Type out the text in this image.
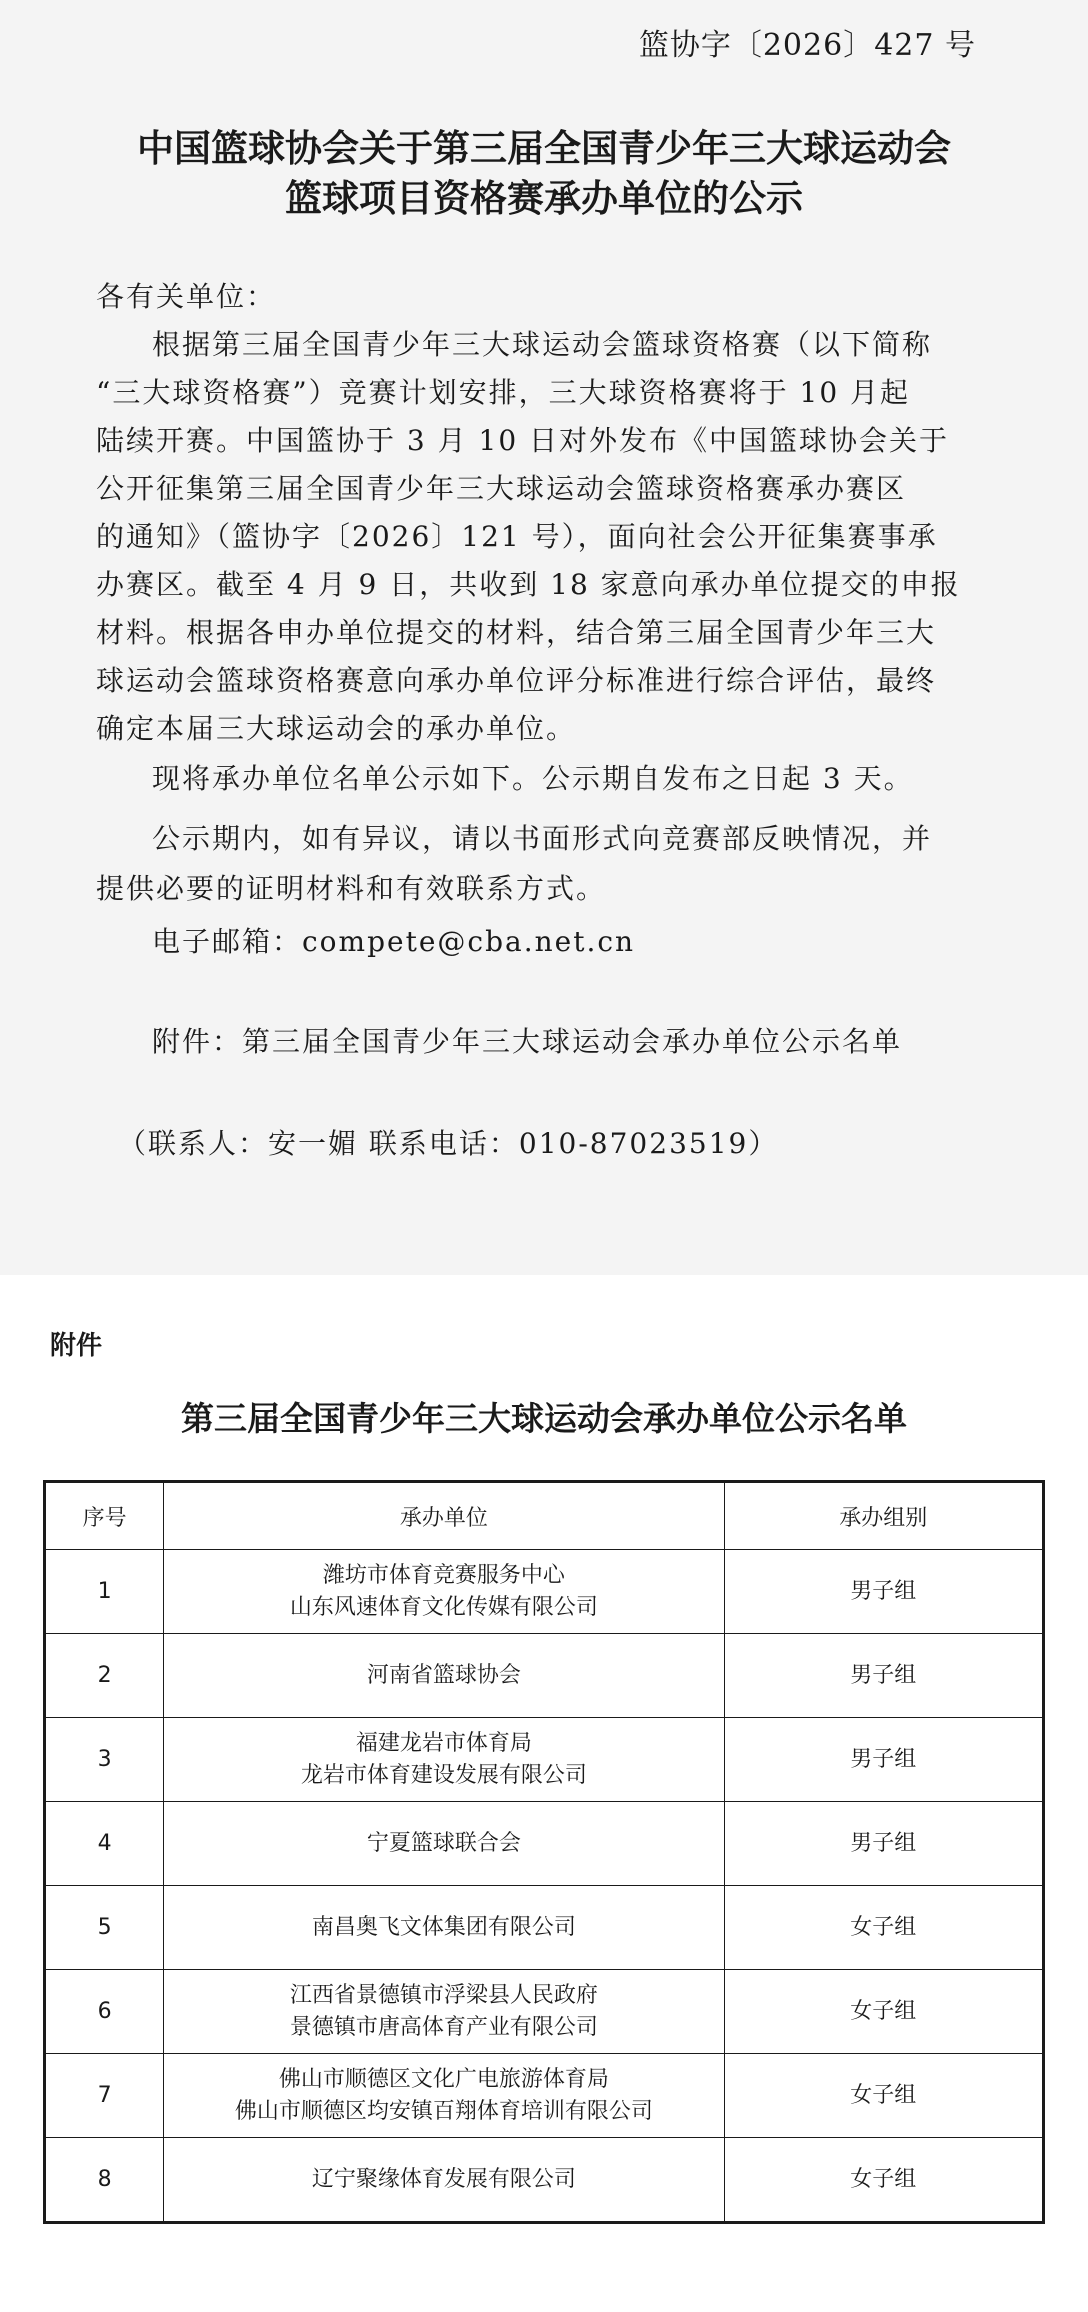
篮协字〔2026〕427 号
中国篮球协会关于第三届全国青少年三大球运动会
篮球项目资格赛承办单位的公示
各有关单位：
根据第三届全国青少年三大球运动会篮球资格赛（以下简称
“三大球资格赛”）竞赛计划安排，三大球资格赛将于 10 月起
陆续开赛。中国篮协于 3 月 10 日对外发布《中国篮球协会关于
公开征集第三届全国青少年三大球运动会篮球资格赛承办赛区
的通知》（篮协字〔2026〕121 号），面向社会公开征集赛事承
办赛区。截至 4 月 9 日，共收到 18 家意向承办单位提交的申报
材料。根据各申办单位提交的材料，结合第三届全国青少年三大
球运动会篮球资格赛意向承办单位评分标准进行综合评估，最终
确定本届三大球运动会的承办单位。
现将承办单位名单公示如下。公示期自发布之日起 3 天。
公示期内，如有异议，请以书面形式向竞赛部反映情况，并
提供必要的证明材料和有效联系方式。
电子邮箱：compete@cba.net.cn
附件：第三届全国青少年三大球运动会承办单位公示名单
（联系人：安一媚 联系电话：010-87023519）
附件
第三届全国青少年三大球运动会承办单位公示名单
序号	承办单位	承办组别
1	潍坊市体育竞赛服务中心
山东风速体育文化传媒有限公司	男子组
2	河南省篮球协会	男子组
3	福建龙岩市体育局
龙岩市体育建设发展有限公司	男子组
4	宁夏篮球联合会	男子组
5	南昌奥飞文体集团有限公司	女子组
6	江西省景德镇市浮梁县人民政府
景德镇市唐高体育产业有限公司	女子组
7	佛山市顺德区文化广电旅游体育局
佛山市顺德区均安镇百翔体育培训有限公司	女子组
8	辽宁聚缘体育发展有限公司	女子组
